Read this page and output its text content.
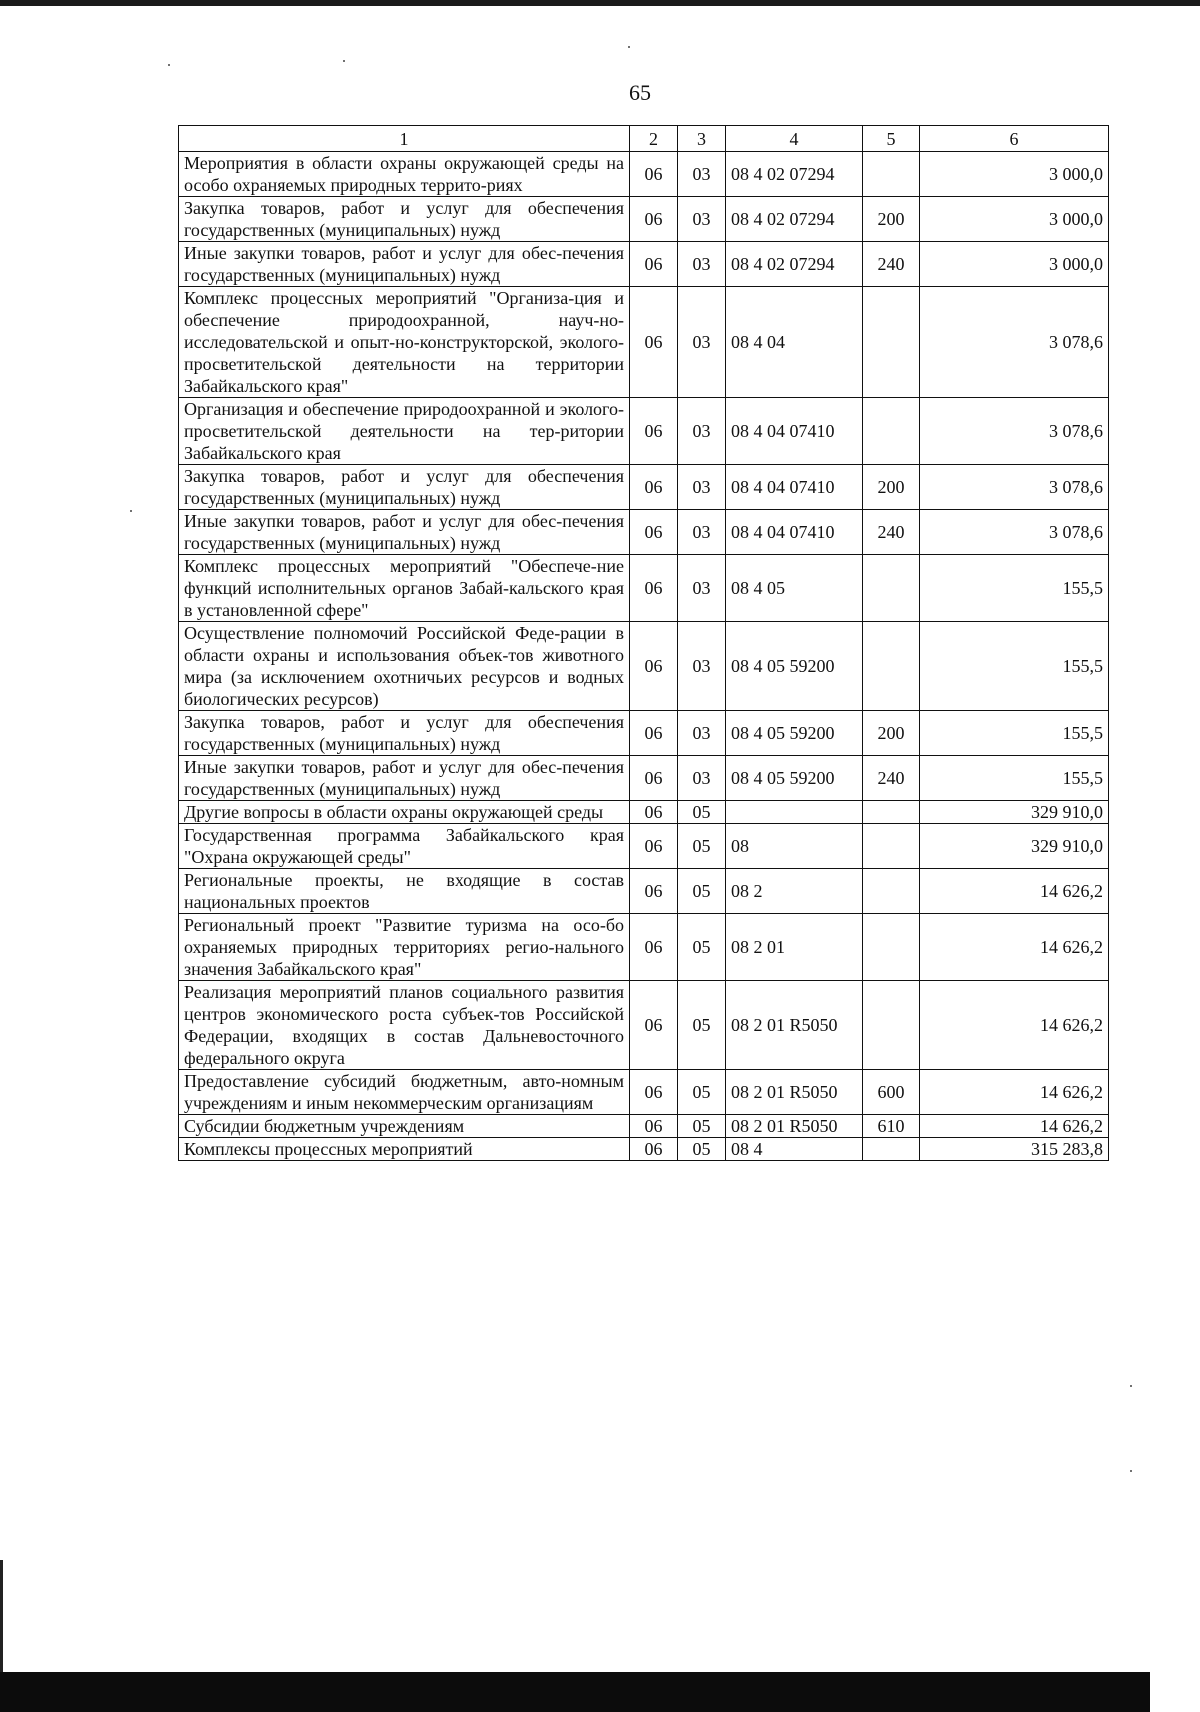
65
1	2	3	4	5	6
Мероприятия в области охраны окружающей среды на особо охраняемых природных террито-риях	06	03	08 4 02 07294		3 000,0
Закупка товаров, работ и услуг для обеспечения государственных (муниципальных) нужд	06	03	08 4 02 07294	200	3 000,0
Иные закупки товаров, работ и услуг для обес-печения государственных (муниципальных) нужд	06	03	08 4 02 07294	240	3 000,0
Комплекс процессных мероприятий "Организа-ция и обеспечение природоохранной, науч-но-исследовательской и опыт-но-конструкторской, эколого-просветительской деятельности на территории Забайкальского края"	06	03	08 4 04		3 078,6
Организация и обеспечение природоохранной и эколого-просветительской деятельности на тер-ритории Забайкальского края	06	03	08 4 04 07410		3 078,6
Закупка товаров, работ и услуг для обеспечения государственных (муниципальных) нужд	06	03	08 4 04 07410	200	3 078,6
Иные закупки товаров, работ и услуг для обес-печения государственных (муниципальных) нужд	06	03	08 4 04 07410	240	3 078,6
Комплекс процессных мероприятий "Обеспече-ние функций исполнительных органов Забай-кальского края в установленной сфере"	06	03	08 4 05		155,5
Осуществление полномочий Российской Феде-рации в области охраны и использования объек-тов животного мира (за исключением охотничьих ресурсов и водных биологических ресурсов)	06	03	08 4 05 59200		155,5
Закупка товаров, работ и услуг для обеспечения государственных (муниципальных) нужд	06	03	08 4 05 59200	200	155,5
Иные закупки товаров, работ и услуг для обес-печения государственных (муниципальных) нужд	06	03	08 4 05 59200	240	155,5
Другие вопросы в области охраны окружающей среды	06	05			329 910,0
Государственная программа Забайкальского края "Охрана окружающей среды"	06	05	08		329 910,0
Региональные проекты, не входящие в состав национальных проектов	06	05	08 2		14 626,2
Региональный проект "Развитие туризма на осо-бо охраняемых природных территориях регио-нального значения Забайкальского края"	06	05	08 2 01		14 626,2
Реализация мероприятий планов социального развития центров экономического роста субъек-тов Российской Федерации, входящих в состав Дальневосточного федерального округа	06	05	08 2 01 R5050		14 626,2
Предоставление субсидий бюджетным, авто-номным учреждениям и иным некоммерческим организациям	06	05	08 2 01 R5050	600	14 626,2
Субсидии бюджетным учреждениям	06	05	08 2 01 R5050	610	14 626,2
Комплексы процессных мероприятий	06	05	08 4		315 283,8
